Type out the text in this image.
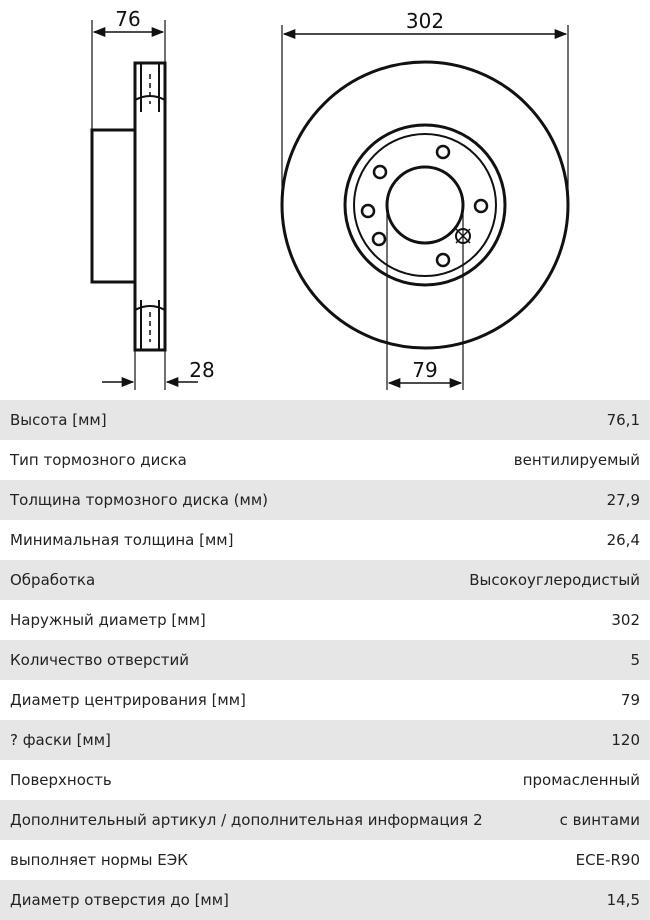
76
28
302
79
Высота [мм]	76,1
Тип тормозного диска	вентилируемый
Толщина тормозного диска (мм)	27,9
Минимальная толщина [мм]	26,4
Обработка	Высокоуглеродистый
Наружный диаметр [мм]	302
Количество отверстий	5
Диаметр центрирования [мм]	79
? фаски [мм]	120
Поверхность	промасленный
Дополнительный артикул / дополнительная информация 2	с винтами
выполняет нормы ЕЭК	ECE-R90
Диаметр отверстия до [мм]	14,5
